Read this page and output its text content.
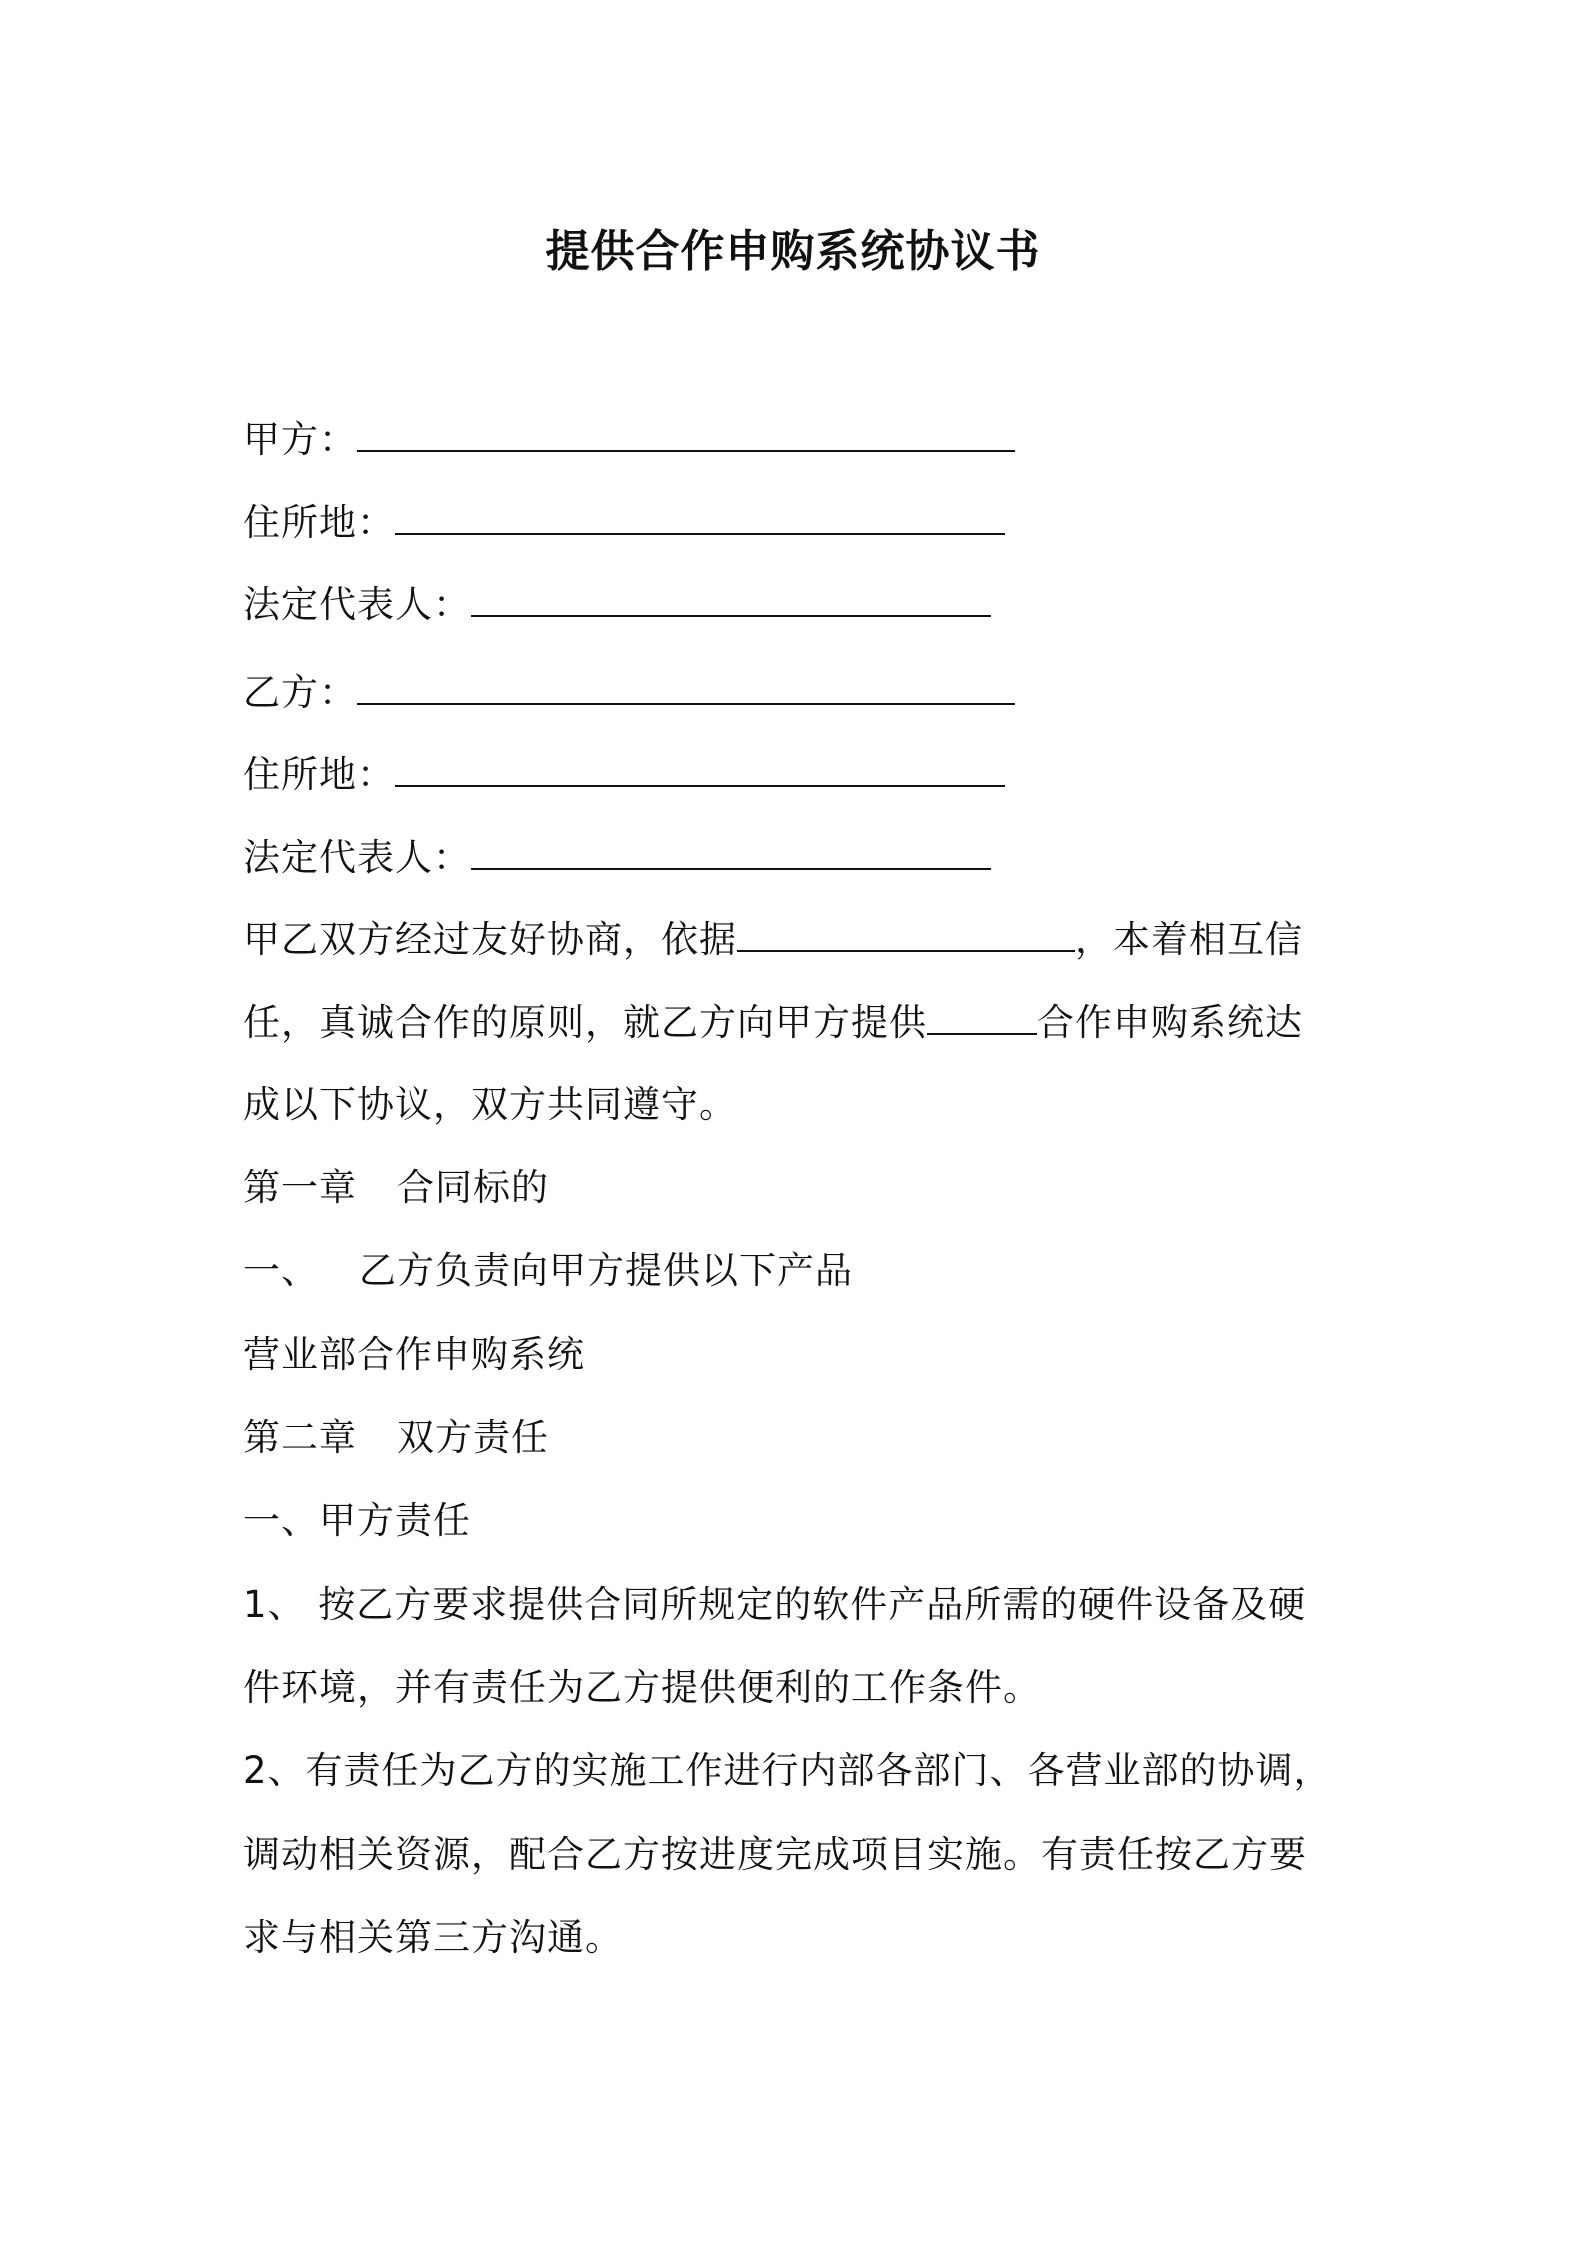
提供合作申购系统协议书
甲方：
住所地：
法定代表人：
乙方：
住所地：
法定代表人：
甲乙双方经过友好协商，依据	，本着相互信
任，真诚合作的原则，就乙方向甲方提供	合作申购系统达
成以下协议，双方共同遵守。
第一章 合同标的
一、 乙方负责向甲方提供以下产品
营业部合作申购系统
第二章 双方责任
一、甲方责任
1、 按乙方要求提供合同所规定的软件产品所需的硬件设备及硬
件环境，并有责任为乙方提供便利的工作条件。
2、有责任为乙方的实施工作进行内部各部门、各营业部的协调，
调动相关资源，配合乙方按进度完成项目实施。有责任按乙方要
求与相关第三方沟通。
